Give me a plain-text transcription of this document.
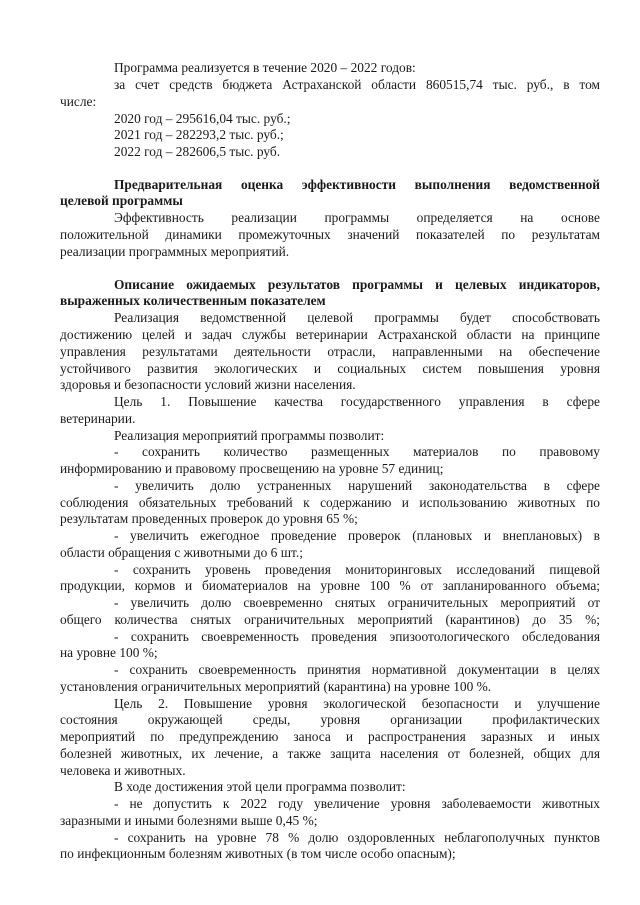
Программа реализуется в течение 2020 – 2022 годов:
за счет средств бюджета Астраханской области 860515,74 тыс. руб., в том
числе:
2020 год – 295616,04 тыс. руб.;
2021 год – 282293,2 тыс. руб.;
2022 год – 282606,5 тыс. руб.
Предварительная оценка эффективности выполнения ведомственной
целевой программы
Эффективность реализации программы определяется на основе
положительной динамики промежуточных значений показателей по результатам
реализации программных мероприятий.
Описание ожидаемых результатов программы и целевых индикаторов,
выраженных количественным показателем
Реализация ведомственной целевой программы будет способствовать
достижению целей и задач службы ветеринарии Астраханской области на принципе
управления результатами деятельности отрасли, направленными на обеспечение
устойчивого развития экологических и социальных систем повышения уровня
здоровья и безопасности условий жизни населения.
Цель 1. Повышение качества государственного управления в сфере
ветеринарии.
Реализация мероприятий программы позволит:
- сохранить количество размещенных материалов по правовому
информированию и правовому просвещению на уровне 57 единиц;
- увеличить долю устраненных нарушений законодательства в сфере
соблюдения обязательных требований к содержанию и использованию животных по
результатам проведенных проверок до уровня 65 %;
- увеличить ежегодное проведение проверок (плановых и внеплановых) в
области обращения с животными до 6 шт.;
- сохранить уровень проведения мониторинговых исследований пищевой
продукции, кормов и биоматериалов на уровне 100 % от запланированного объема;
- увеличить долю своевременно снятых ограничительных мероприятий от
общего количества снятых ограничительных мероприятий (карантинов) до 35 %;
- сохранить своевременность проведения эпизоотологического обследования
на уровне 100 %;
- сохранить своевременность принятия нормативной документации в целях
установления ограничительных мероприятий (карантина) на уровне 100 %.
Цель 2. Повышение уровня экологической безопасности и улучшение
состояния окружающей среды, уровня организации профилактических
мероприятий по предупреждению заноса и распространения заразных и иных
болезней животных, их лечение, а также защита населения от болезней, общих для
человека и животных.
В ходе достижения этой цели программа позволит:
- не допустить к 2022 году увеличение уровня заболеваемости животных
заразными и иными болезнями выше 0,45 %;
- сохранить на уровне 78 % долю оздоровленных неблагополучных пунктов
по инфекционным болезням животных (в том числе особо опасным);
